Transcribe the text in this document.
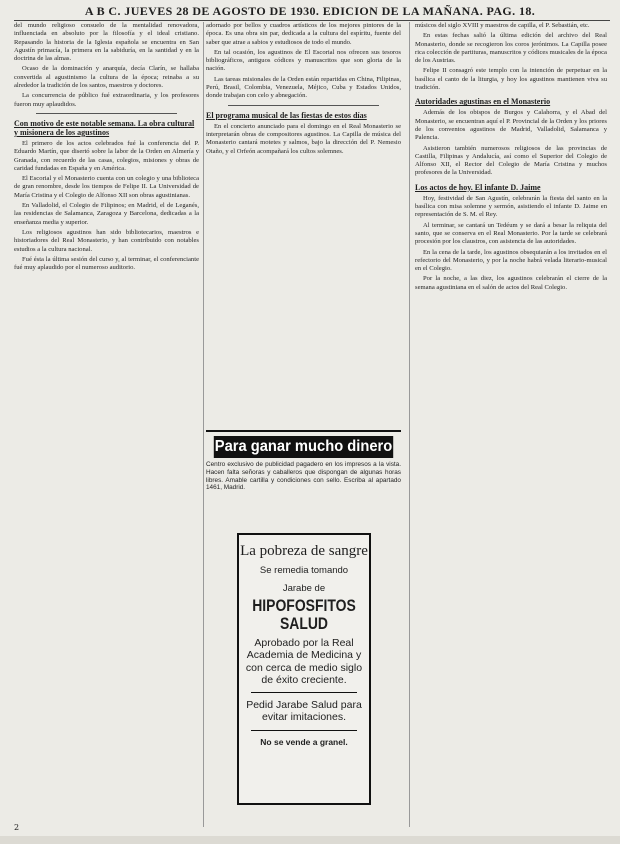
A B C. JUEVES 28 DE AGOSTO DE 1930. EDICION DE LA MAÑANA. PAG. 18.

del mundo religioso consuelo de la mentalidad renovadora, influenciada en absoluto por la filosofía y el ideal cristiano. Repasando la historia de la Iglesia española se encuentra en San Agustín primacía, la primera en la sabiduría, en la santidad y en la doctrina de las almas.

Ocaso de la dominación y anarquía, decía Clarín, se hallaba convertida al agustinismo la cultura de la época; reinaba a su alrededor la tradición de los santos, maestros y doctores.

La concurrencia de público fué extraordinaria, y los profesores fueron muy aplaudidos.

Con motivo de este notable semana. La obra cultural y misionera de los agustinos

El primero de los actos celebrados fué la conferencia del P. Eduardo Martín, que disertó sobre la labor de la Orden en Almería y Granada, con recuerdo de las casas, colegios, misiones y obras de caridad fundadas en España y en América.

El Escorial y el Monasterio cuenta con un colegio y una biblioteca de gran renombre, desde los tiempos de Felipe II. La Universidad de María Cristina y el Colegio de Alfonso XII son obras agustinianas.

En Valladolid, el Colegio de Filipinos; en Madrid, el de Leganés, las residencias de Salamanca, Zaragoza y Barcelona, dedicadas a la enseñanza media y superior.

Los religiosos agustinos han sido bibliotecarios, maestros e historiadores del Real Monasterio, y han contribuido con notables estudios a la cultura nacional.

Fué ésta la última sesión del curso y, al terminar, el conferenciante fué muy aplaudido por el numeroso auditorio.

adornado por bellos y cuadros artísticos de los mejores pintores de la época. Es una obra sin par, dedicada a la cultura del espíritu, fuente del saber que atrae a sabios y estudiosos de todo el mundo.

En tal ocasión, los agustinos de El Escorial nos ofrecen sus tesoros bibliográficos, antiguos códices y manuscritos que son gloria de la nación.

Las tareas misionales de la Orden están repartidas en China, Filipinas, Perú, Brasil, Colombia, Venezuela, Méjico, Cuba y Estados Unidos, donde trabajan con celo y abnegación.

El programa musical de las fiestas de estos días

En el concierto anunciado para el domingo en el Real Monasterio se interpretarán obras de compositores agustinos. La Capilla de música del Monasterio cantará motetes y salmos, bajo la dirección del P. Nemesio Otaño, y el Orfeón acompañará los cultos solemnes.

Para ganar mucho dinero
Centro exclusivo de publicidad pagadero en los impresos a la vista. Hacen falta señoras y caballeros que dispongan de algunas horas libres. Amable cartilla y condiciones con sello. Escriba al apartado 1461, Madrid.
La pobreza de sangre
Se remedia tomando
Jarabe de
HIPOFOSFITOS SALUD
Aprobado por la Real Academia de Medicina y con cerca de medio siglo de éxito creciente.
Pedid Jarabe Salud para evitar imitaciones.
No se vende a granel.

músicos del siglo XVIII y maestros de capilla, el P. Sebastián, etc.

En estas fechas salió la última edición del archivo del Real Monasterio, donde se recogieron los coros jerónimos. La Capilla posee rica colección de partituras, manuscritos y códices musicales de la época de los Austrias.

Felipe II consagró este templo con la intención de perpetuar en la basílica el canto de la liturgia, y hoy los agustinos mantienen viva su tradición.

Autoridades agustinas en el Monasterio

Además de los obispos de Burgos y Calahorra, y el Abad del Monasterio, se encuentran aquí el P. Provincial de la Orden y los priores de los conventos agustinos de Madrid, Valladolid, Salamanca y Palencia.

Asistieron también numerosos religiosos de las provincias de Castilla, Filipinas y Andalucía, así como el Superior del Colegio de Alfonso XII, el Rector del Colegio de María Cristina y muchos profesores de la Universidad.

Los actos de hoy. El infante D. Jaime

Hoy, festividad de San Agustín, celebrarán la fiesta del santo en la basílica con misa solemne y sermón, asistiendo el infante D. Jaime en representación de S. M. el Rey.

Al terminar, se cantará un Tedéum y se dará a besar la reliquia del santo, que se conserva en el Real Monasterio. Por la tarde se celebrará procesión por los claustros, con asistencia de las autoridades.

En la cena de la tarde, los agustinos obsequiarán a los invitados en el refectorio del Monasterio, y por la noche habrá velada literario-musical en el Colegio.

Por la noche, a las diez, los agustinos celebrarán el cierre de la semana agustiniana en el salón de actos del Real Colegio.

2
